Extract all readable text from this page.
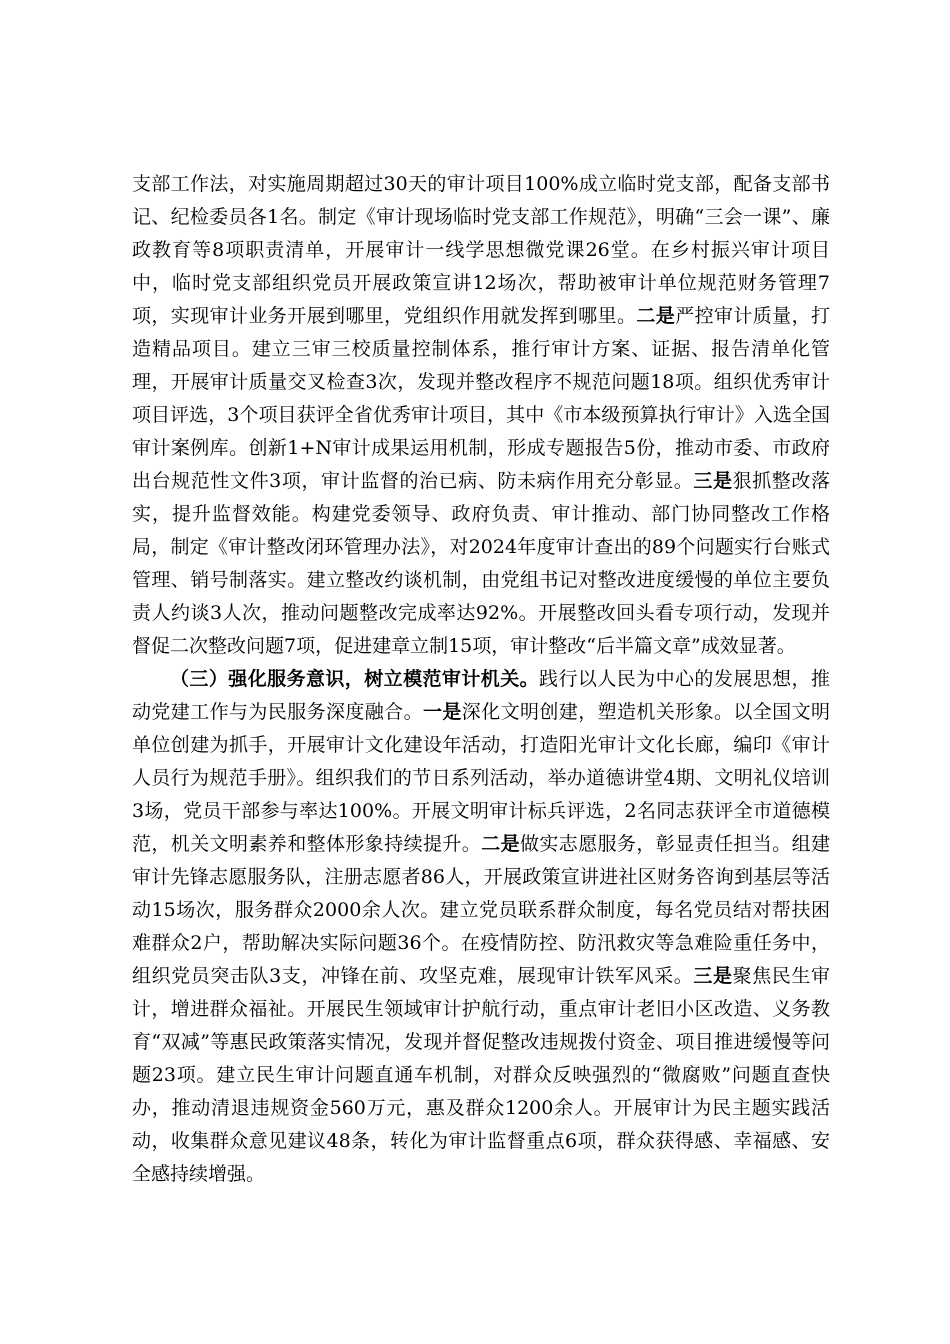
支部工作法，对实施周期超过30天的审计项目100%成立临时党支部，配备支部书记、纪检委员各1名。制定《审计现场临时党支部工作规范》，明确“三会一课”、廉政教育等8项职责清单，开展审计一线学思想微党课26堂。在乡村振兴审计项目中，临时党支部组织党员开展政策宣讲12场次，帮助被审计单位规范财务管理7项，实现审计业务开展到哪里，党组织作用就发挥到哪里。二是严控审计质量，打造精品项目。建立三审三校质量控制体系，推行审计方案、证据、报告清单化管理，开展审计质量交叉检查3次，发现并整改程序不规范问题18项。组织优秀审计项目评选，3个项目获评全省优秀审计项目，其中《市本级预算执行审计》入选全国审计案例库。创新1+N审计成果运用机制，形成专题报告5份，推动市委、市政府出台规范性文件3项，审计监督的治已病、防未病作用充分彰显。三是狠抓整改落实，提升监督效能。构建党委领导、政府负责、审计推动、部门协同整改工作格局，制定《审计整改闭环管理办法》，对2024年度审计查出的89个问题实行台账式管理、销号制落实。建立整改约谈机制，由党组书记对整改进度缓慢的单位主要负责人约谈3人次，推动问题整改完成率达92%。开展整改回头看专项行动，发现并督促二次整改问题7项，促进建章立制15项，审计整改“后半篇文章”成效显著。

（三）强化服务意识，树立模范审计机关。践行以人民为中心的发展思想，推动党建工作与为民服务深度融合。一是深化文明创建，塑造机关形象。以全国文明单位创建为抓手，开展审计文化建设年活动，打造阳光审计文化长廊，编印《审计人员行为规范手册》。组织我们的节日系列活动，举办道德讲堂4期、文明礼仪培训3场，党员干部参与率达100%。开展文明审计标兵评选，2名同志获评全市道德模范，机关文明素养和整体形象持续提升。二是做实志愿服务，彰显责任担当。组建审计先锋志愿服务队，注册志愿者86人，开展政策宣讲进社区财务咨询到基层等活动15场次，服务群众2000余人次。建立党员联系群众制度，每名党员结对帮扶困难群众2户，帮助解决实际问题36个。在疫情防控、防汛救灾等急难险重任务中，组织党员突击队3支，冲锋在前、攻坚克难，展现审计铁军风采。三是聚焦民生审计，增进群众福祉。开展民生领域审计护航行动，重点审计老旧小区改造、义务教育“双减”等惠民政策落实情况，发现并督促整改违规拨付资金、项目推进缓慢等问题23项。建立民生审计问题直通车机制，对群众反映强烈的“微腐败”问题直查快办，推动清退违规资金560万元，惠及群众1200余人。开展审计为民主题实践活动，收集群众意见建议48条，转化为审计监督重点6项，群众获得感、幸福感、安全感持续增强。
